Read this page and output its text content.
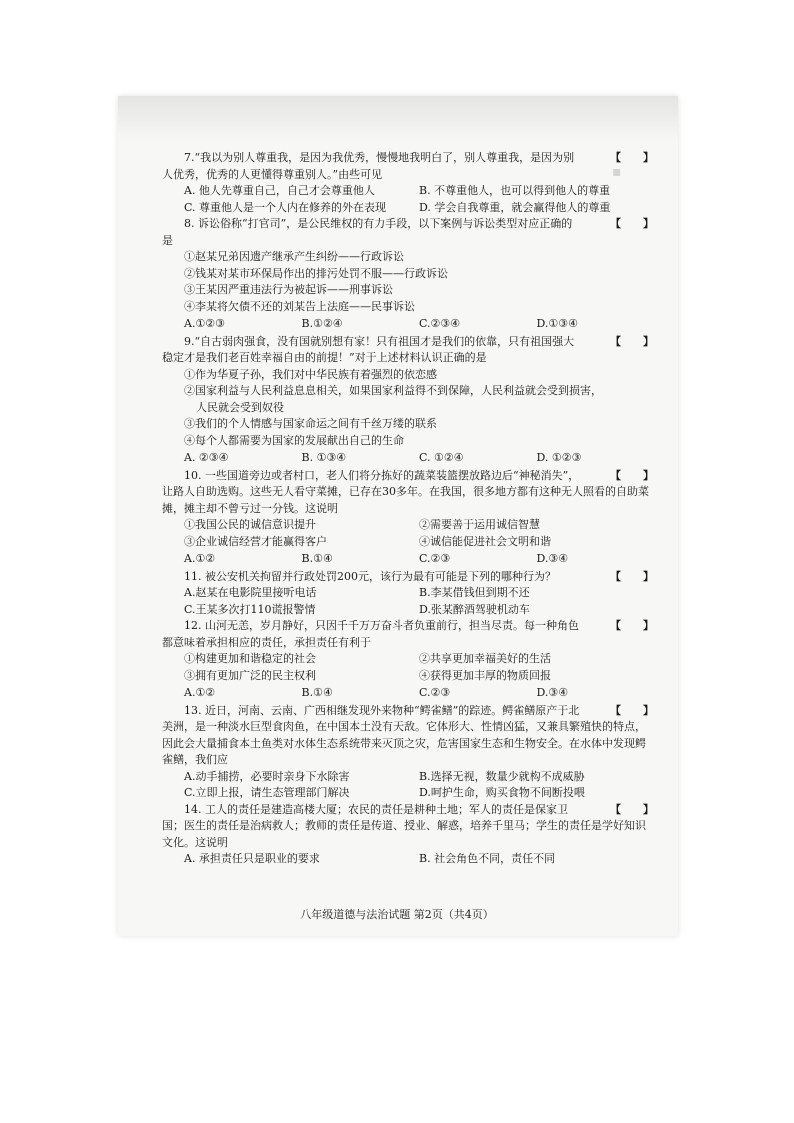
▪

【　　】
7.“我以为别人尊重我，是因为我优秀，慢慢地我明白了，别人尊重我，是因为别人优秀，优秀的人更懂得尊重别人。”由些可见

A. 他人先尊重自己，自己才会尊重他人	B. 不尊重他人，也可以得到他人的尊重
C. 尊重他人是一个人内在修养的外在表现	D. 学会自我尊重，就会赢得他人的尊重

【　　】
8. 诉讼俗称“打官司”，是公民维权的有力手段，以下案例与诉讼类型对应正确的是

①赵某兄弟因遗产继承产生纠纷——行政诉讼
②钱某对某市环保局作出的排污处罚不服——行政诉讼
③王某因严重违法行为被起诉——刑事诉讼
④李某将欠债不还的刘某告上法庭——民事诉讼
A.①②③	B.①②④	C.②③④	D.①③④

【　　】
9.“自古弱肉强食，没有国就别想有家！只有祖国才是我们的依靠，只有祖国强大稳定才是我们老百姓幸福自由的前提！”对于上述材料认识正确的是

①作为华夏子孙，我们对中华民族有着强烈的依恋感
②国家利益与人民利益息息相关，如果国家利益得不到保障，人民利益就会受到损害，
人民就会受到奴役
③我们的个人情感与国家命运之间有千丝万缕的联系
④每个人都需要为国家的发展献出自己的生命
A. ②③④	B. ①③④	C. ①②④	D. ①②③

【　　】
10. 一些国道旁边或者村口，老人们将分拣好的蔬菜装篮摆放路边后“神秘消失”，让路人自助选购。这些无人看守菜摊，已存在30多年。在我国，很多地方都有这种无人照看的自助菜摊，摊主却不曾亏过一分钱。这说明

①我国公民的诚信意识提升	②需要善于运用诚信智慧
③企业诚信经营才能赢得客户	④诚信能促进社会文明和谐
A.①②	B.①④	C.②③	D.③④

【　　】
11. 被公安机关拘留并行政处罚200元，该行为最有可能是下列的哪种行为？

A.赵某在电影院里接听电话	B.李某借钱但到期不还
C.王某多次打110谎报警情	D.张某醉酒驾驶机动车

【　　】
12. 山河无恙，岁月静好，只因千千万万奋斗者负重前行，担当尽责。每一种角色都意味着承担相应的责任，承担责任有利于

①构建更加和谐稳定的社会	②共享更加幸福美好的生活
③拥有更加广泛的民主权利	④获得更加丰厚的物质回报
A.①②	B.①④	C.②③	D.③④

【　　】
13. 近日，河南、云南、广西相继发现外来物种“鳄雀鳝”的踪迹。鳄雀鳝原产于北美洲，是一种淡水巨型食肉鱼，在中国本土没有天敌。它体形大、性情凶猛，又兼具繁殖快的特点，因此会大量捕食本土鱼类对水体生态系统带来灭顶之灾，危害国家生态和生物安全。在水体中发现鳄雀鳝，我们应

A.动手捕捞，必要时亲身下水除害	B.选择无视，数量少就构不成威胁
C.立即上报，请生态管理部门解决	D.呵护生命，购买食物不间断投喂

【　　】
14. 工人的责任是建造高楼大厦；农民的责任是耕种土地；军人的责任是保家卫国；医生的责任是治病救人；教师的责任是传道、授业、解惑，培养千里马；学生的责任是学好知识文化。这说明

A. 承担责任只是职业的要求	B. 社会角色不同，责任不同
八年级道德与法治试题 第2页（共4页）
